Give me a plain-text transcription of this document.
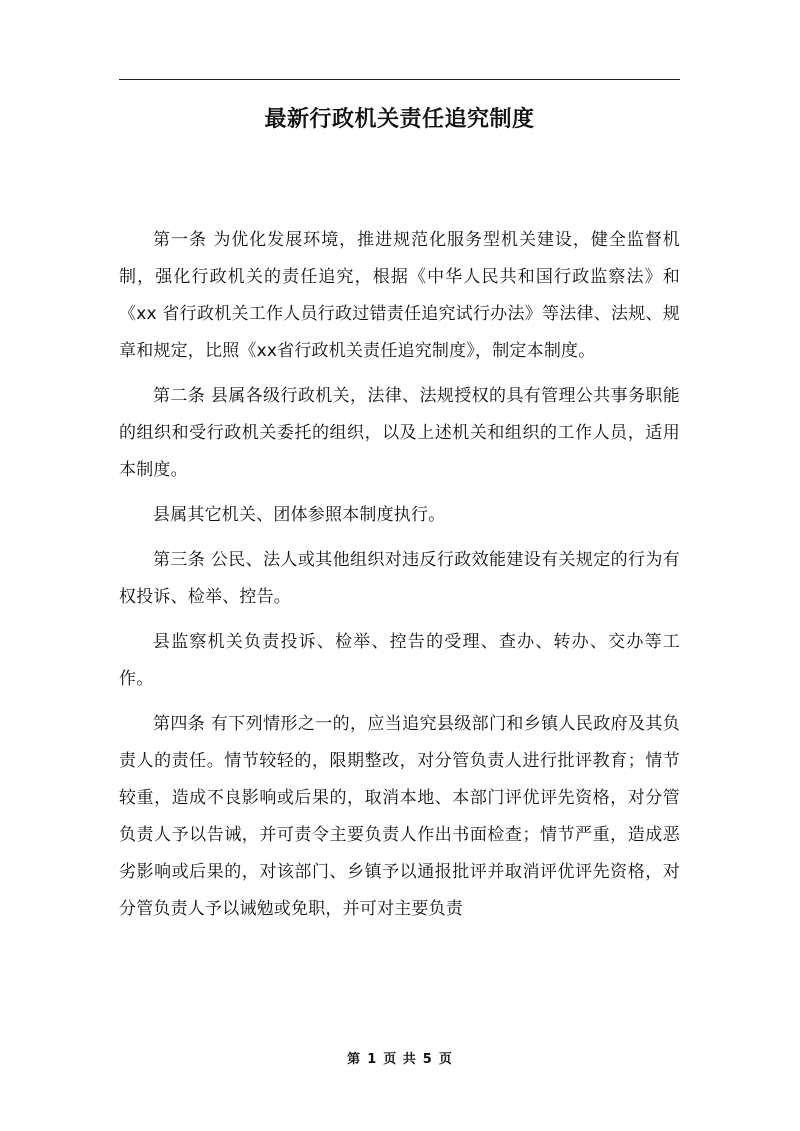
最新行政机关责任追究制度

第一条 为优化发展环境，推进规范化服务型机关建设，健全监督机制，强化行政机关的责任追究，根据《中华人民共和国行政监察法》和《xx 省行政机关工作人员行政过错责任追究试行办法》等法律、法规、规章和规定，比照《xx省行政机关责任追究制度》，制定本制度。

第二条 县属各级行政机关，法律、法规授权的具有管理公共事务职能的组织和受行政机关委托的组织，以及上述机关和组织的工作人员，适用本制度。

县属其它机关、团体参照本制度执行。

第三条 公民、法人或其他组织对违反行政效能建设有关规定的行为有权投诉、检举、控告。

县监察机关负责投诉、检举、控告的受理、查办、转办、交办等工作。

第四条 有下列情形之一的，应当追究县级部门和乡镇人民政府及其负责人的责任。情节较轻的，限期整改，对分管负责人进行批评教育；情节较重，造成不良影响或后果的，取消本地、本部门评优评先资格，对分管负责人予以告诫，并可责令主要负责人作出书面检查；情节严重，造成恶劣影响或后果的，对该部门、乡镇予以通报批评并取消评优评先资格，对分管负责人予以诫勉或免职，并可对主要负责

第 1 页 共 5 页
